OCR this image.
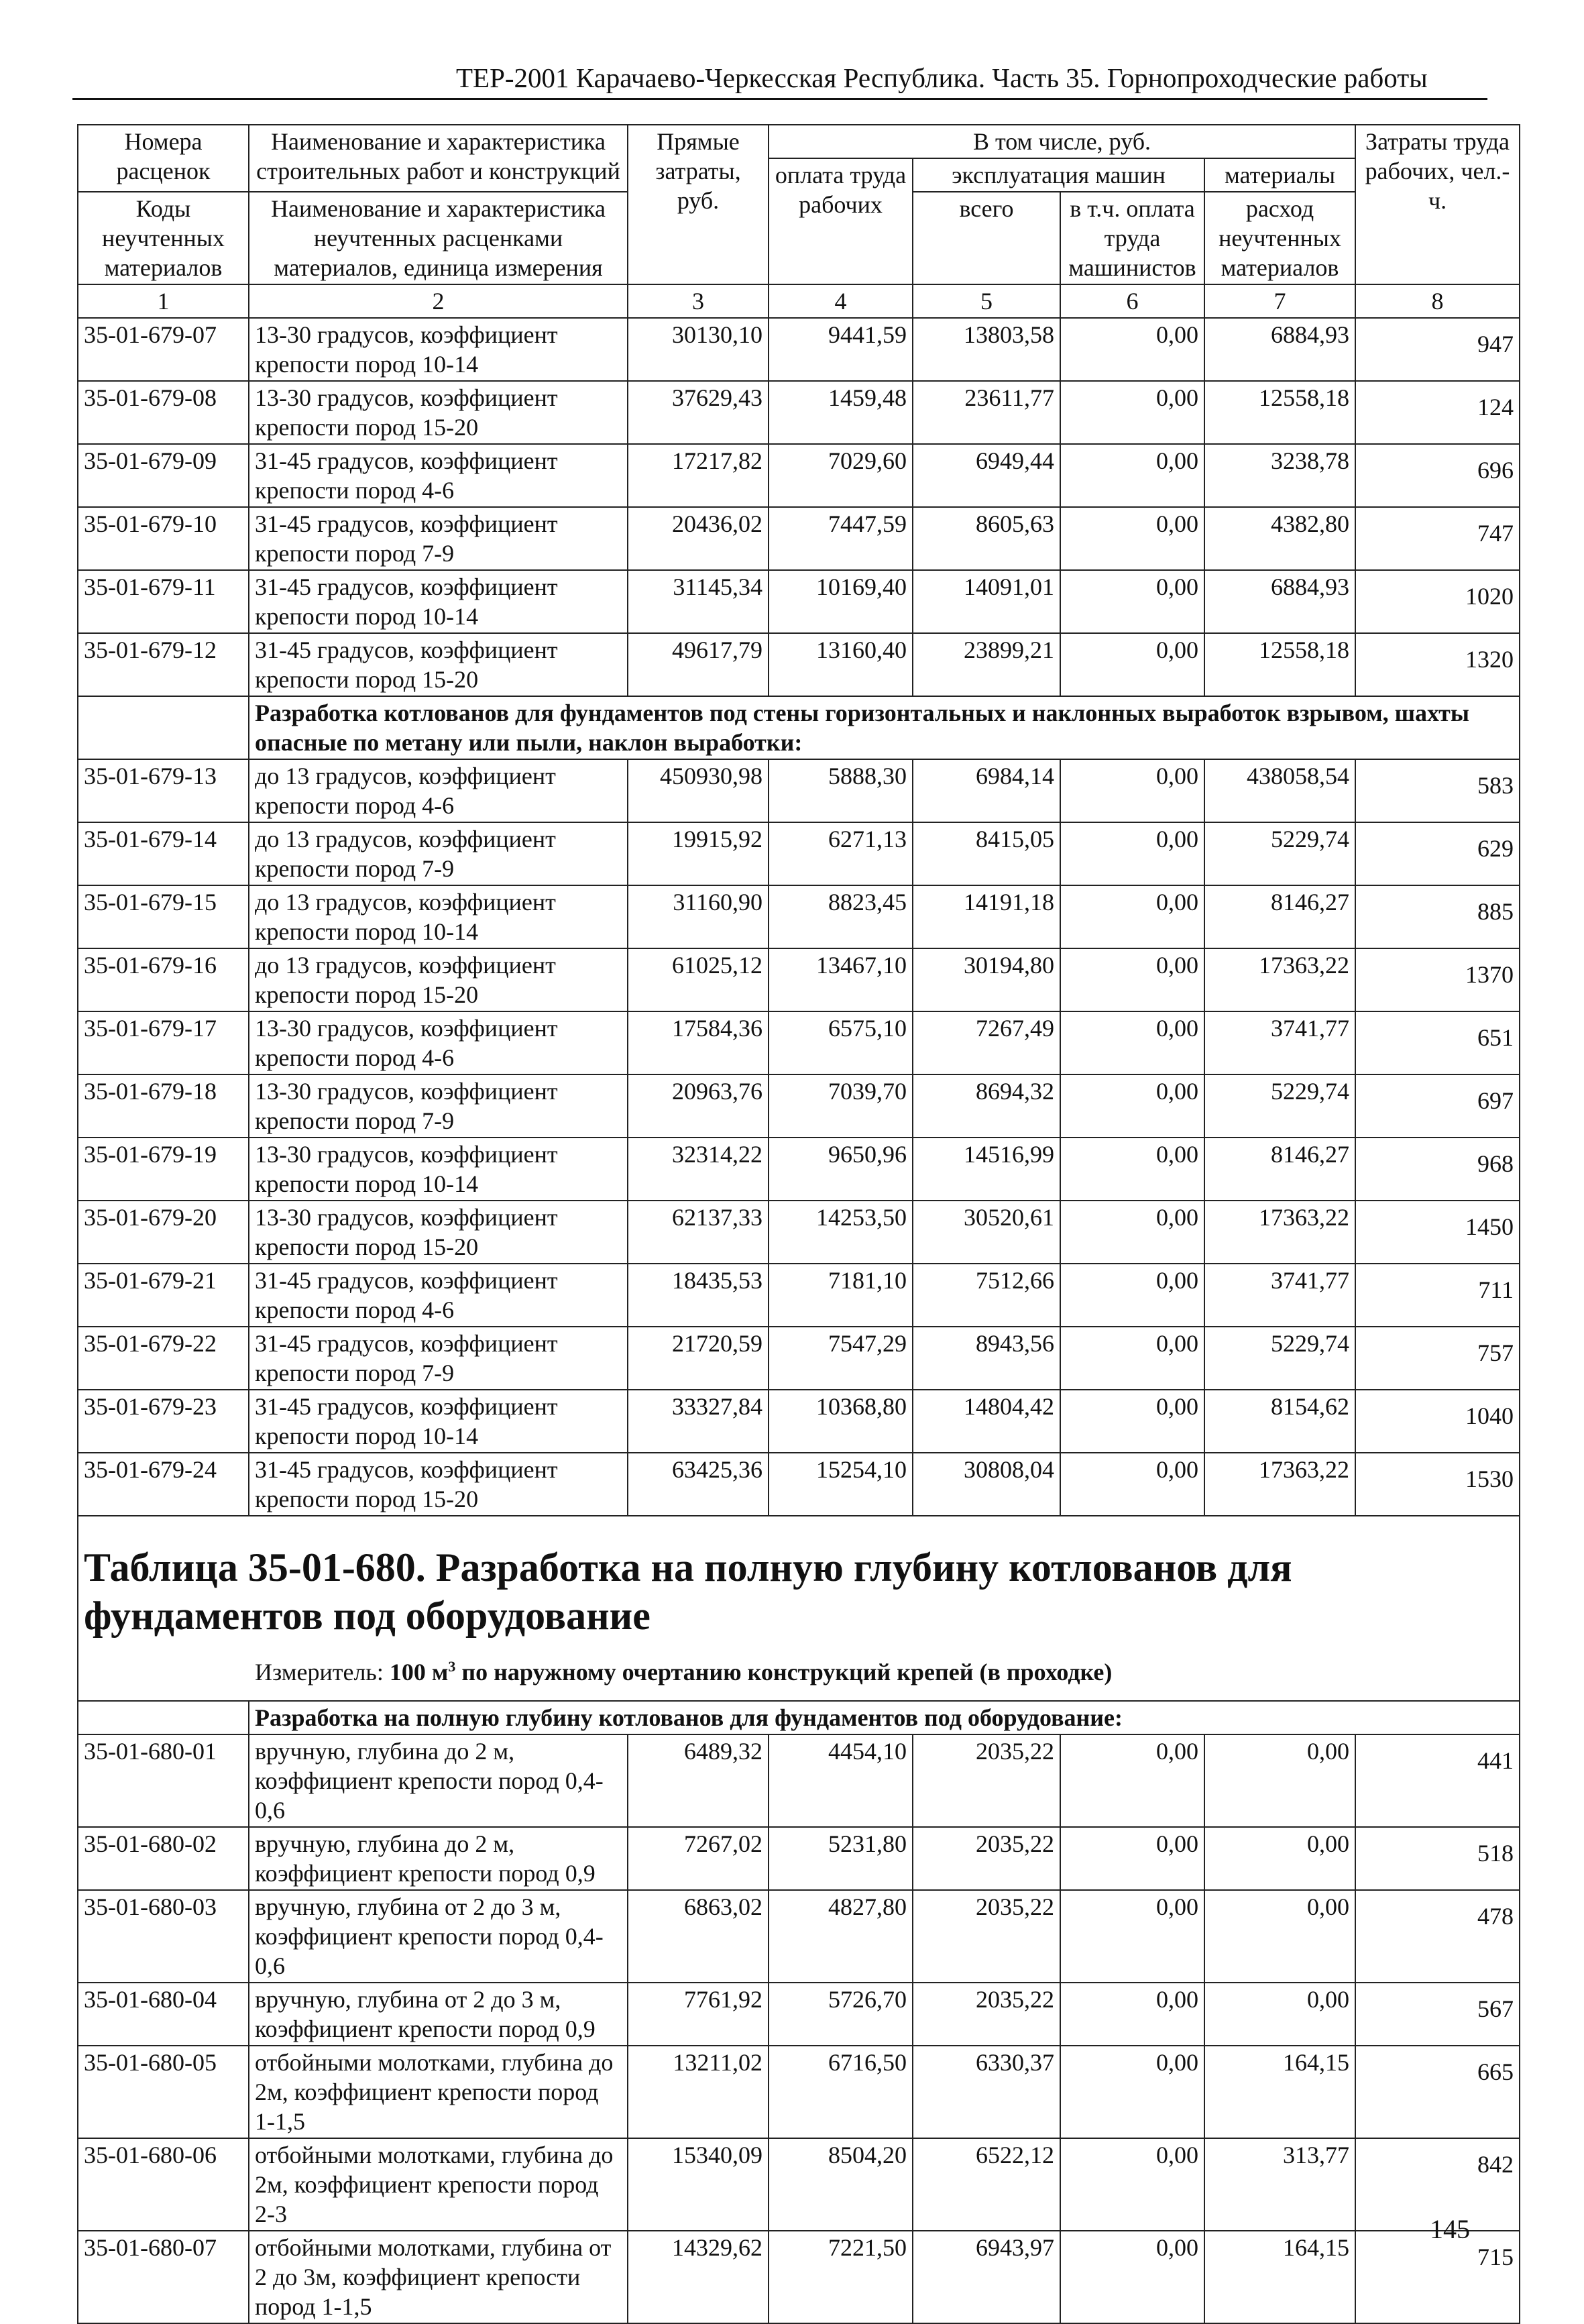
ТЕР-2001 Карачаево-Черкесская Республика. Часть 35. Горнопроходческие работы
Номера расценок	Наименование и характеристика строительных работ и конструкций	Прямые затраты, руб.	В том числе, руб.				Затраты труда рабочих, чел.-ч.
			оплата труда рабочих	эксплуатация машин		материалы	
Коды неучтенных материалов	Наименование и характеристика неучтенных расценками материалов, единица измерения			всего	в т.ч. оплата труда машинистов	расход неучтенных материалов	

1	2	3	4	5	6	7	8
35-01-679-07	13-30 градусов, коэффициент крепости пород 10-14	30130,10	9441,59	13803,58	0,00	6884,93	947
35-01-679-08	13-30 градусов, коэффициент крепости пород 15-20	37629,43	1459,48	23611,77	0,00	12558,18	124
35-01-679-09	31-45 градусов, коэффициент крепости пород 4-6	17217,82	7029,60	6949,44	0,00	3238,78	696
35-01-679-10	31-45 градусов, коэффициент крепости пород 7-9	20436,02	7447,59	8605,63	0,00	4382,80	747
35-01-679-11	31-45 градусов, коэффициент крепости пород 10-14	31145,34	10169,40	14091,01	0,00	6884,93	1020
35-01-679-12	31-45 градусов, коэффициент крепости пород 15-20	49617,79	13160,40	23899,21	0,00	12558,18	1320
	Разработка котлованов для фундаментов под стены горизонтальных и наклонных выработок взрывом, шахты опасные по метану или пыли, наклон выработки:						
35-01-679-13	до 13 градусов, коэффициент крепости пород 4-6	450930,98	5888,30	6984,14	0,00	438058,54	583
35-01-679-14	до 13 градусов, коэффициент крепости пород 7-9	19915,92	6271,13	8415,05	0,00	5229,74	629
35-01-679-15	до 13 градусов, коэффициент крепости пород 10-14	31160,90	8823,45	14191,18	0,00	8146,27	885
35-01-679-16	до 13 градусов, коэффициент крепости пород 15-20	61025,12	13467,10	30194,80	0,00	17363,22	1370
35-01-679-17	13-30 градусов, коэффициент крепости пород 4-6	17584,36	6575,10	7267,49	0,00	3741,77	651
35-01-679-18	13-30 градусов, коэффициент крепости пород 7-9	20963,76	7039,70	8694,32	0,00	5229,74	697
35-01-679-19	13-30 градусов, коэффициент крепости пород 10-14	32314,22	9650,96	14516,99	0,00	8146,27	968
35-01-679-20	13-30 градусов, коэффициент крепости пород 15-20	62137,33	14253,50	30520,61	0,00	17363,22	1450
35-01-679-21	31-45 градусов, коэффициент крепости пород 4-6	18435,53	7181,10	7512,66	0,00	3741,77	711
35-01-679-22	31-45 градусов, коэффициент крепости пород 7-9	21720,59	7547,29	8943,56	0,00	5229,74	757
35-01-679-23	31-45 градусов, коэффициент крепости пород 10-14	33327,84	10368,80	14804,42	0,00	8154,62	1040
35-01-679-24	31-45 градусов, коэффициент крепости пород 15-20	63425,36	15254,10	30808,04	0,00	17363,22	1530

Таблица 35-01-680. Разработка на полную глубину котлованов для фундаментов под оборудование
Измеритель: 100 $м^3$ по наружному очертанию конструкций крепей (в проходке)							

	Разработка на полную глубину котлованов для фундаментов под оборудование:						
35-01-680-01	вручную, глубина до 2 м, коэффициент крепости пород 0,4-0,6	6489,32	4454,10	2035,22	0,00	0,00	441
35-01-680-02	вручную, глубина до 2 м, коэффициент крепости пород 0,9	7267,02	5231,80	2035,22	0,00	0,00	518
35-01-680-03	вручную, глубина от 2 до 3 м, коэффициент крепости пород 0,4-0,6	6863,02	4827,80	2035,22	0,00	0,00	478
35-01-680-04	вручную, глубина от 2 до 3 м, коэффициент крепости пород 0,9	7761,92	5726,70	2035,22	0,00	0,00	567
35-01-680-05	отбойными молотками, глубина до 2м, коэффициент крепости пород 1-1,5	13211,02	6716,50	6330,37	0,00	164,15	665
35-01-680-06	отбойными молотками, глубина до 2м, коэффициент крепости пород 2-3	15340,09	8504,20	6522,12	0,00	313,77	842
35-01-680-07	отбойными молотками, глубина от 2 до 3м, коэффициент крепости пород 1-1,5	14329,62	7221,50	6943,97	0,00	164,15	715
145
